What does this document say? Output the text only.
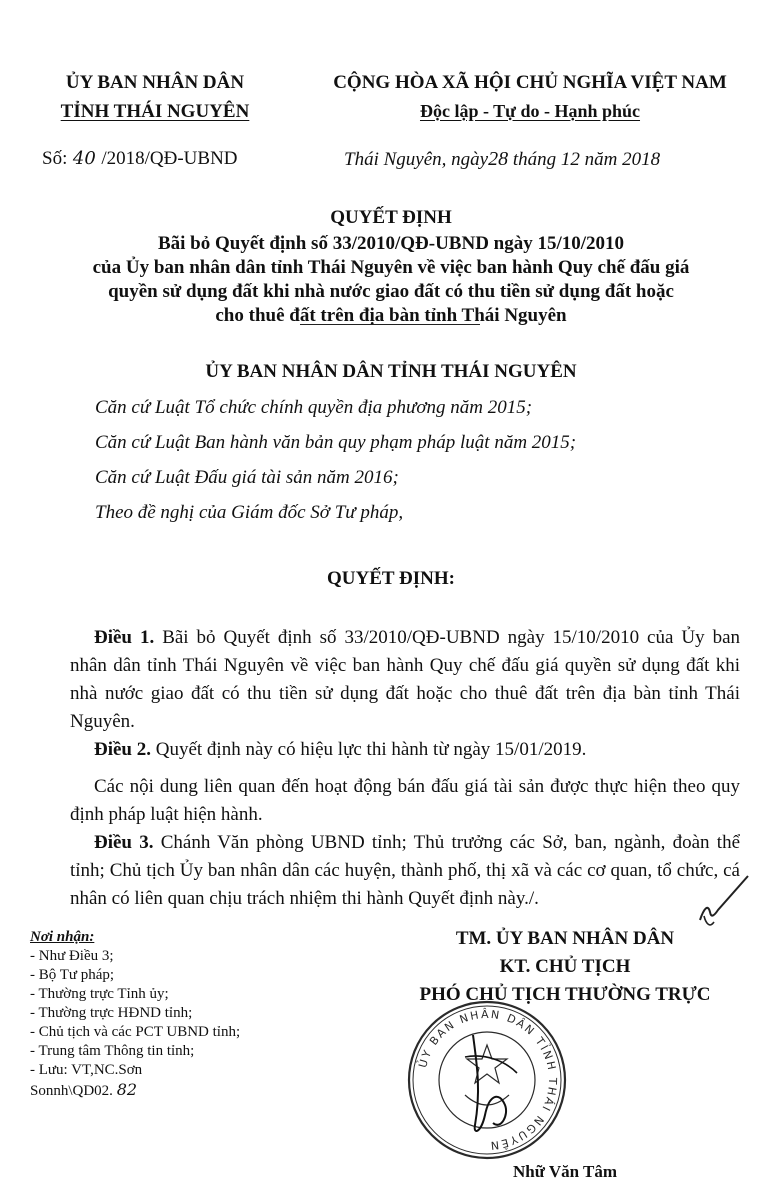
ỦY BAN NHÂN DÂN
TỈNH THÁI NGUYÊN
CỘNG HÒA XÃ HỘI CHỦ NGHĨA VIỆT NAM
Độc lập - Tự do - Hạnh phúc
Số: 40 /2018/QĐ-UBND	Thái Nguyên, ngày28 tháng 12 năm 2018
QUYẾT ĐỊNH
Bãi bỏ Quyết định số 33/2010/QĐ-UBND ngày 15/10/2010
của Ủy ban nhân dân tỉnh Thái Nguyên về việc ban hành Quy chế đấu giá
quyền sử dụng đất khi nhà nước giao đất có thu tiền sử dụng đất hoặc
cho thuê đất trên địa bàn tỉnh Thái Nguyên
ỦY BAN NHÂN DÂN TỈNH THÁI NGUYÊN
Căn cứ Luật Tổ chức chính quyền địa phương năm 2015;
Căn cứ Luật Ban hành văn bản quy phạm pháp luật năm 2015;
Căn cứ Luật Đấu giá tài sản năm 2016;
Theo đề nghị của Giám đốc Sở Tư pháp,
QUYẾT ĐỊNH:
Điều 1. Bãi bỏ Quyết định số 33/2010/QĐ-UBND ngày 15/10/2010 của Ủy ban nhân dân tỉnh Thái Nguyên về việc ban hành Quy chế đấu giá quyền sử dụng đất khi nhà nước giao đất có thu tiền sử dụng đất hoặc cho thuê đất trên địa bàn tỉnh Thái Nguyên.
Điều 2. Quyết định này có hiệu lực thi hành từ ngày 15/01/2019.
Các nội dung liên quan đến hoạt động bán đấu giá tài sản được thực hiện theo quy định pháp luật hiện hành.
Điều 3. Chánh Văn phòng UBND tỉnh; Thủ trưởng các Sở, ban, ngành, đoàn thể tỉnh; Chủ tịch Ủy ban nhân dân các huyện, thành phố, thị xã và các cơ quan, tổ chức, cá nhân có liên quan chịu trách nhiệm thi hành Quyết định này./.
Nơi nhận:
- Như Điều 3;
- Bộ Tư pháp;
- Thường trực Tỉnh ủy;
- Thường trực HĐND tỉnh;
- Chủ tịch và các PCT UBND tỉnh;
- Trung tâm Thông tin tỉnh;
- Lưu: VT,NC.Sơn
Sonnh\QD02. 82
TM. ỦY BAN NHÂN DÂN
KT. CHỦ TỊCH
PHÓ CHỦ TỊCH THƯỜNG TRỰC
ỦY BAN NHÂN DÂN TỈNH THÁI NGUYÊN
Nhữ Văn Tâm
